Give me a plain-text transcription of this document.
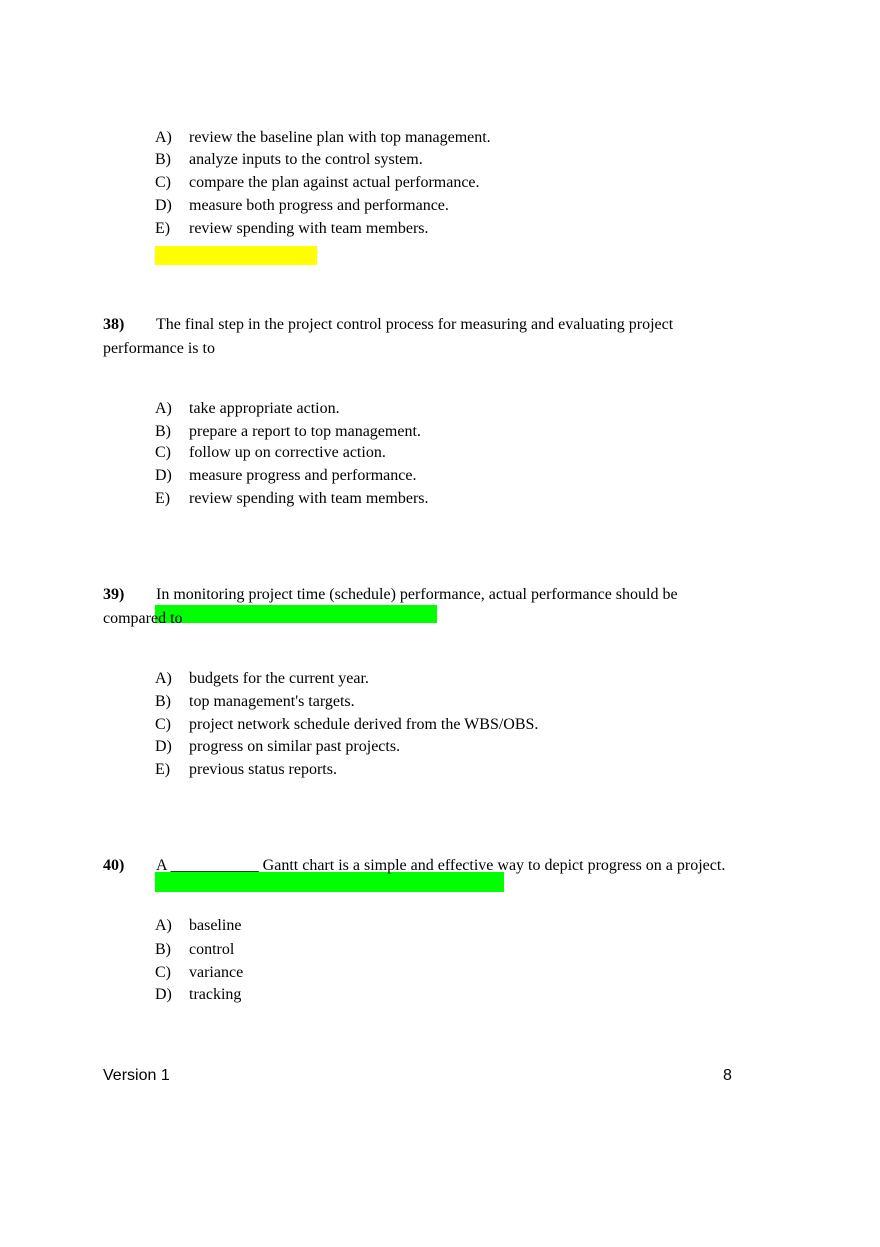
A) review the baseline plan with top management.
B) analyze inputs to the control system.
C) compare the plan against actual performance.
D) measure both progress and performance.
E) review spending with team members.
38) The final step in the project control process for measuring and evaluating project
performance is to
A) take appropriate action.
B) prepare a report to top management.
C) follow up on corrective action.
D) measure progress and performance.
E) review spending with team members.
39) In monitoring project time (schedule) performance, actual performance should be
compared to
A) budgets for the current year.
B) top management's targets.
C) project network schedule derived from the WBS/OBS.
D) progress on similar past projects.
E) previous status reports.
40) A ___________ Gantt chart is a simple and effective way to depict progress on a project.
A) baseline
B) control
C) variance
D) tracking
Version 1	8
